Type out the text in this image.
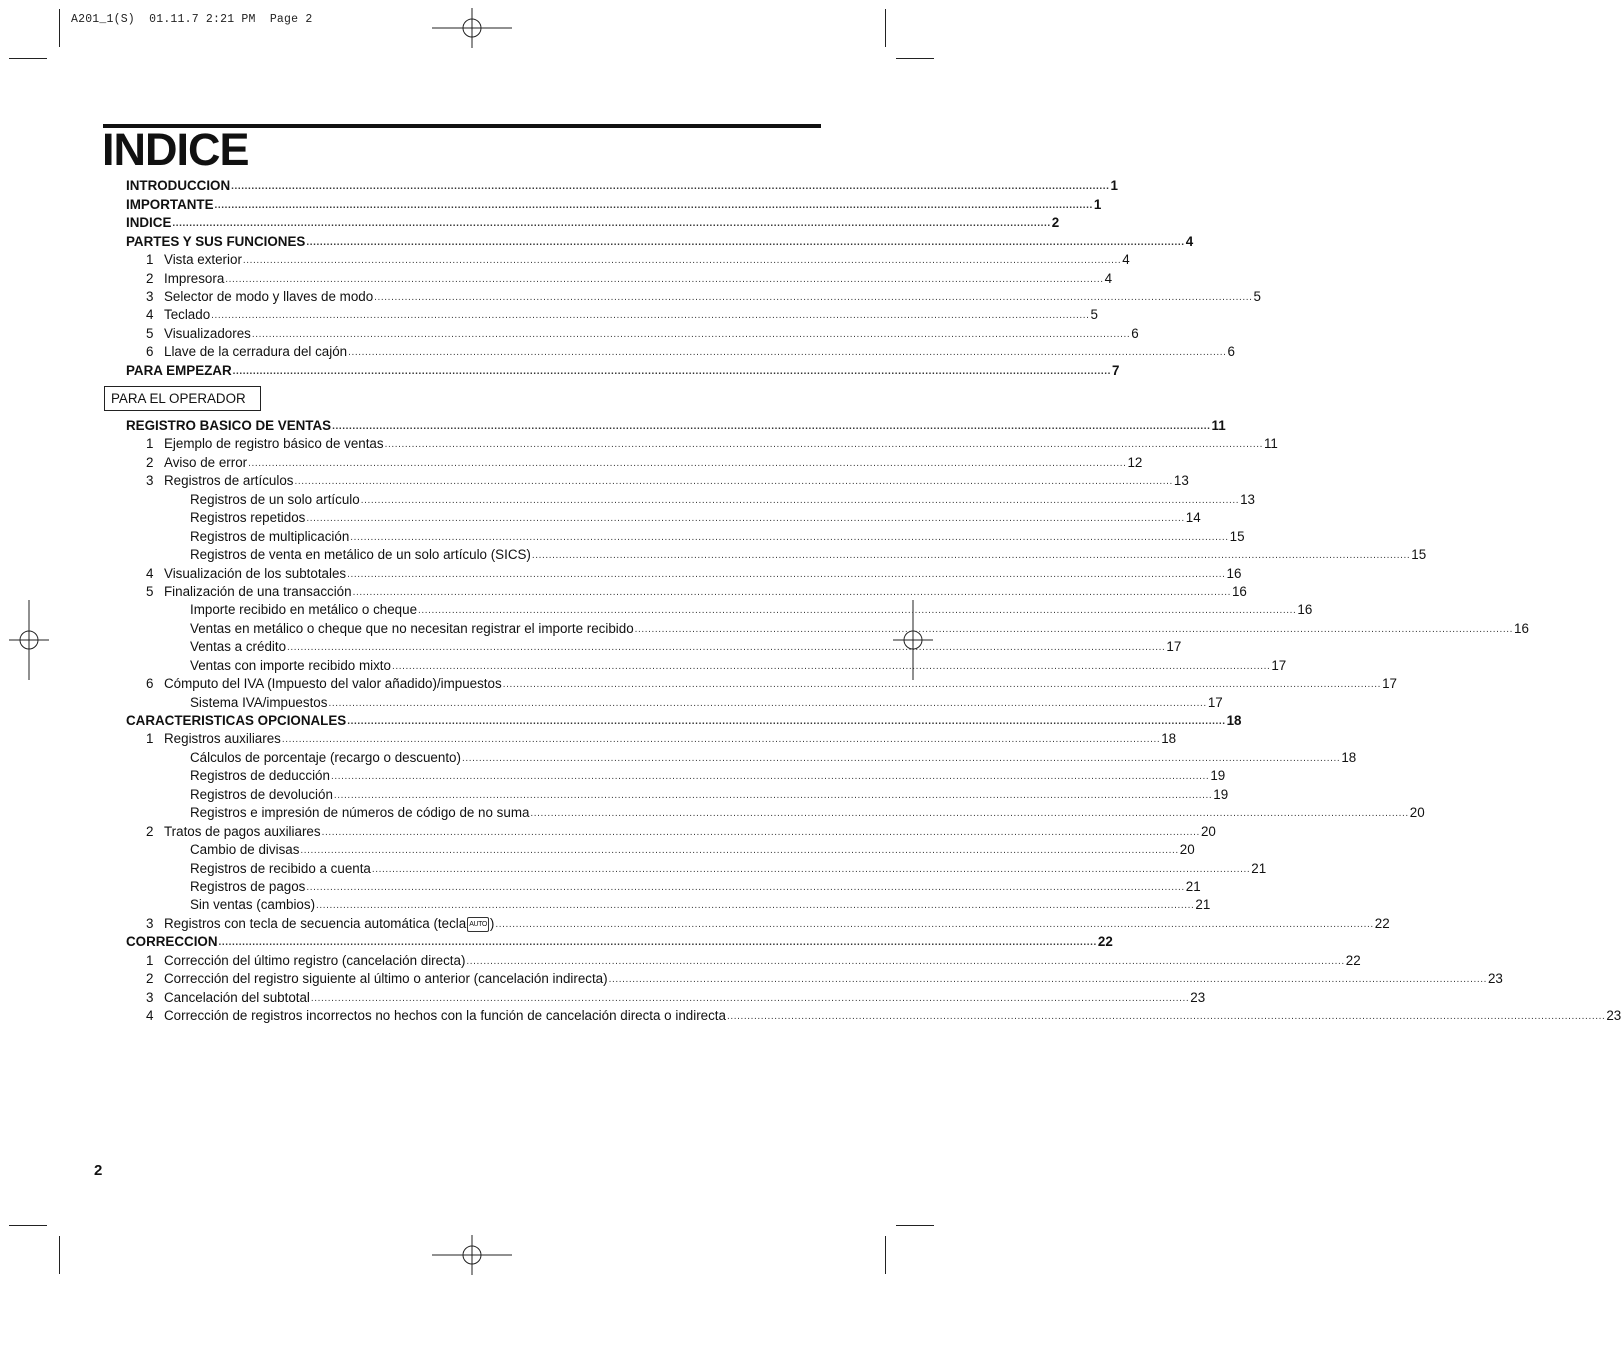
A201_1(S)  01.11.7 2:21 PM  Page 2
INDICE
PARA EL OPERADOR
INTRODUCCION .................................................................................................................................................................................................................................................................... 1
IMPORTANTE .................................................................................................................................................................................................................................................................... 1
INDICE .................................................................................................................................................................................................................................................................... 2
PARTES Y SUS FUNCIONES .................................................................................................................................................................................................................................................................... 4
1 Vista exterior .................................................................................................................................................................................................................................................................... 4
2 Impresora .................................................................................................................................................................................................................................................................... 4
3 Selector de modo y llaves de modo .................................................................................................................................................................................................................................................................... 5
4 Teclado .................................................................................................................................................................................................................................................................... 5
5 Visualizadores .................................................................................................................................................................................................................................................................... 6
6 Llave de la cerradura del cajón .................................................................................................................................................................................................................................................................... 6
PARA EMPEZAR .................................................................................................................................................................................................................................................................... 7
REGISTRO BASICO DE VENTAS .................................................................................................................................................................................................................................................................... 11
1 Ejemplo de registro básico de ventas .................................................................................................................................................................................................................................................................... 11
2 Aviso de error .................................................................................................................................................................................................................................................................... 12
3 Registros de artículos .................................................................................................................................................................................................................................................................... 13
Registros de un solo artículo .................................................................................................................................................................................................................................................................... 13
Registros repetidos .................................................................................................................................................................................................................................................................... 14
Registros de multiplicación .................................................................................................................................................................................................................................................................... 15
Registros de venta en metálico de un solo artículo (SICS) .................................................................................................................................................................................................................................................................... 15
4 Visualización de los subtotales .................................................................................................................................................................................................................................................................... 16
5 Finalización de una transacción .................................................................................................................................................................................................................................................................... 16
Importe recibido en metálico o cheque .................................................................................................................................................................................................................................................................... 16
Ventas en metálico o cheque que no necesitan registrar el importe recibido .................................................................................................................................................................................................................................................................... 16
Ventas a crédito .................................................................................................................................................................................................................................................................... 17
Ventas con importe recibido mixto .................................................................................................................................................................................................................................................................... 17
6 Cómputo del IVA (Impuesto del valor añadido)/impuestos .................................................................................................................................................................................................................................................................... 17
Sistema IVA/impuestos .................................................................................................................................................................................................................................................................... 17
CARACTERISTICAS OPCIONALES .................................................................................................................................................................................................................................................................... 18
1 Registros auxiliares .................................................................................................................................................................................................................................................................... 18
Cálculos de porcentaje (recargo o descuento) .................................................................................................................................................................................................................................................................... 18
Registros de deducción .................................................................................................................................................................................................................................................................... 19
Registros de devolución .................................................................................................................................................................................................................................................................... 19
Registros e impresión de números de código de no suma .................................................................................................................................................................................................................................................................... 20
2 Tratos de pagos auxiliares .................................................................................................................................................................................................................................................................... 20
Cambio de divisas .................................................................................................................................................................................................................................................................... 20
Registros de recibido a cuenta .................................................................................................................................................................................................................................................................... 21
Registros de pagos .................................................................................................................................................................................................................................................................... 21
Sin ventas (cambios) .................................................................................................................................................................................................................................................................... 21
3 Registros con tecla de secuencia automática (tecla AUTO ) .................................................................................................................................................................................................................................................................... 22
CORRECCION .................................................................................................................................................................................................................................................................... 22
1 Corrección del último registro (cancelación directa) .................................................................................................................................................................................................................................................................... 22
2 Corrección del registro siguiente al último o anterior (cancelación indirecta) .................................................................................................................................................................................................................................................................... 23
3 Cancelación del subtotal .................................................................................................................................................................................................................................................................... 23
4 Corrección de registros incorrectos no hechos con la función de cancelación directa o indirecta .................................................................................................................................................................................................................................................................... 23
2
